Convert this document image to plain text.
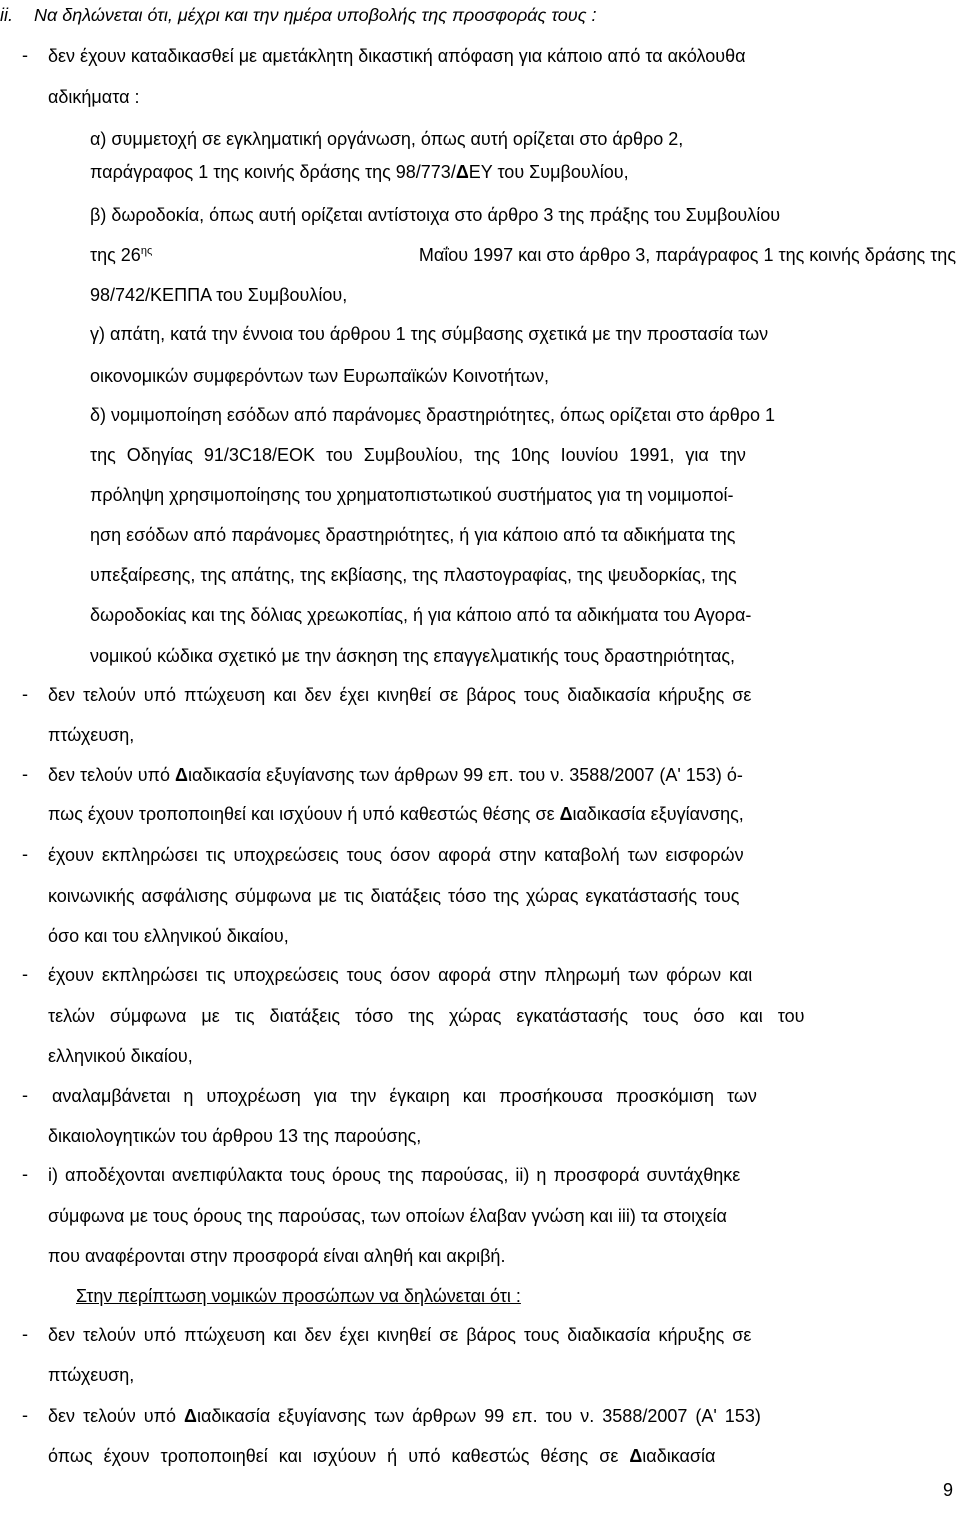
ii. Να δηλώνεται ότι, μέχρι και την ημέρα υποβολής της προσφοράς τους :
- δεν έχουν καταδικασθεί με αμετάκλητη δικαστική απόφαση για κάποιο από τα ακόλουθα
αδικήματα :
α) συμμετοχή σε εγκληματική οργάνωση, όπως αυτή ορίζεται στο άρθρο 2,
παράγραφος 1 της κοινής δράσης της 98/773/ΔΕΥ του Συμβουλίου,
β) δωροδοκία, όπως αυτή ορίζεται αντίστοιχα στο άρθρο 3 της πράξης του Συμβουλίου
της $26^{\eta\varsigma}$	Μαΐου 1997 και στο άρθρο 3, παράγραφος 1 της κοινής δράσης της
98/742/ΚΕΠΠΑ του Συμβουλίου,
γ) απάτη, κατά την έννοια του άρθρου 1 της σύμβασης σχετικά με την προστασία των
οικονομικών συμφερόντων των Ευρωπαϊκών Κοινοτήτων,
δ) νομιμοποίηση εσόδων από παράνομες δραστηριότητες, όπως ορίζεται στο άρθρο 1
της Οδηγίας 91/3C18/ΕΟΚ του Συμβουλίου, της 10ης Ιουνίου 1991, για την
πρόληψη χρησιμοποίησης του χρηματοπιστωτικού συστήματος για τη νομιμοποί-
ηση εσόδων από παράνομες δραστηριότητες, ή για κάποιο από τα αδικήματα της
υπεξαίρεσης, της απάτης, της εκβίασης, της πλαστογραφίας, της ψευδορκίας, της
δωροδοκίας και της δόλιας χρεωκοπίας, ή για κάποιο από τα αδικήματα του Αγορα-
νομικού κώδικα σχετικό με την άσκηση της επαγγελματικής τους δραστηριότητας,
- δεν τελούν υπό πτώχευση και δεν έχει κινηθεί σε βάρος τους διαδικασία κήρυξης σε
πτώχευση,
- δεν τελούν υπό Διαδικασία εξυγίανσης των άρθρων 99 επ. του ν. 3588/2007 (Α' 153) ό-
πως έχουν τροποποιηθεί και ισχύουν ή υπό καθεστώς θέσης σε Διαδικασία εξυγίανσης,
- έχουν εκπληρώσει τις υποχρεώσεις τους όσον αφορά στην καταβολή των εισφορών
κοινωνικής ασφάλισης σύμφωνα με τις διατάξεις τόσο της χώρας εγκατάστασής τους
όσο και του ελληνικού δικαίου,
- έχουν εκπληρώσει τις υποχρεώσεις τους όσον αφορά στην πληρωμή των φόρων και
τελών σύμφωνα με τις διατάξεις τόσο της χώρας εγκατάστασής τους όσο και του
ελληνικού δικαίου,
- αναλαμβάνεται η υποχρέωση για την έγκαιρη και προσήκουσα προσκόμιση των
δικαιολογητικών του άρθρου 13 της παρούσης,
- i) αποδέχονται ανεπιφύλακτα τους όρους της παρούσας, ii) η προσφορά συντάχθηκε
σύμφωνα με τους όρους της παρούσας, των οποίων έλαβαν γνώση και iii) τα στοιχεία
που αναφέρονται στην προσφορά είναι αληθή και ακριβή.
Στην περίπτωση νομικών προσώπων να δηλώνεται ότι :
- δεν τελούν υπό πτώχευση και δεν έχει κινηθεί σε βάρος τους διαδικασία κήρυξης σε
πτώχευση,
- δεν τελούν υπό Διαδικασία εξυγίανσης των άρθρων 99 επ. του ν. 3588/2007 (Α' 153)
όπως έχουν τροποποιηθεί και ισχύουν ή υπό καθεστώς θέσης σε Διαδικασία
9
